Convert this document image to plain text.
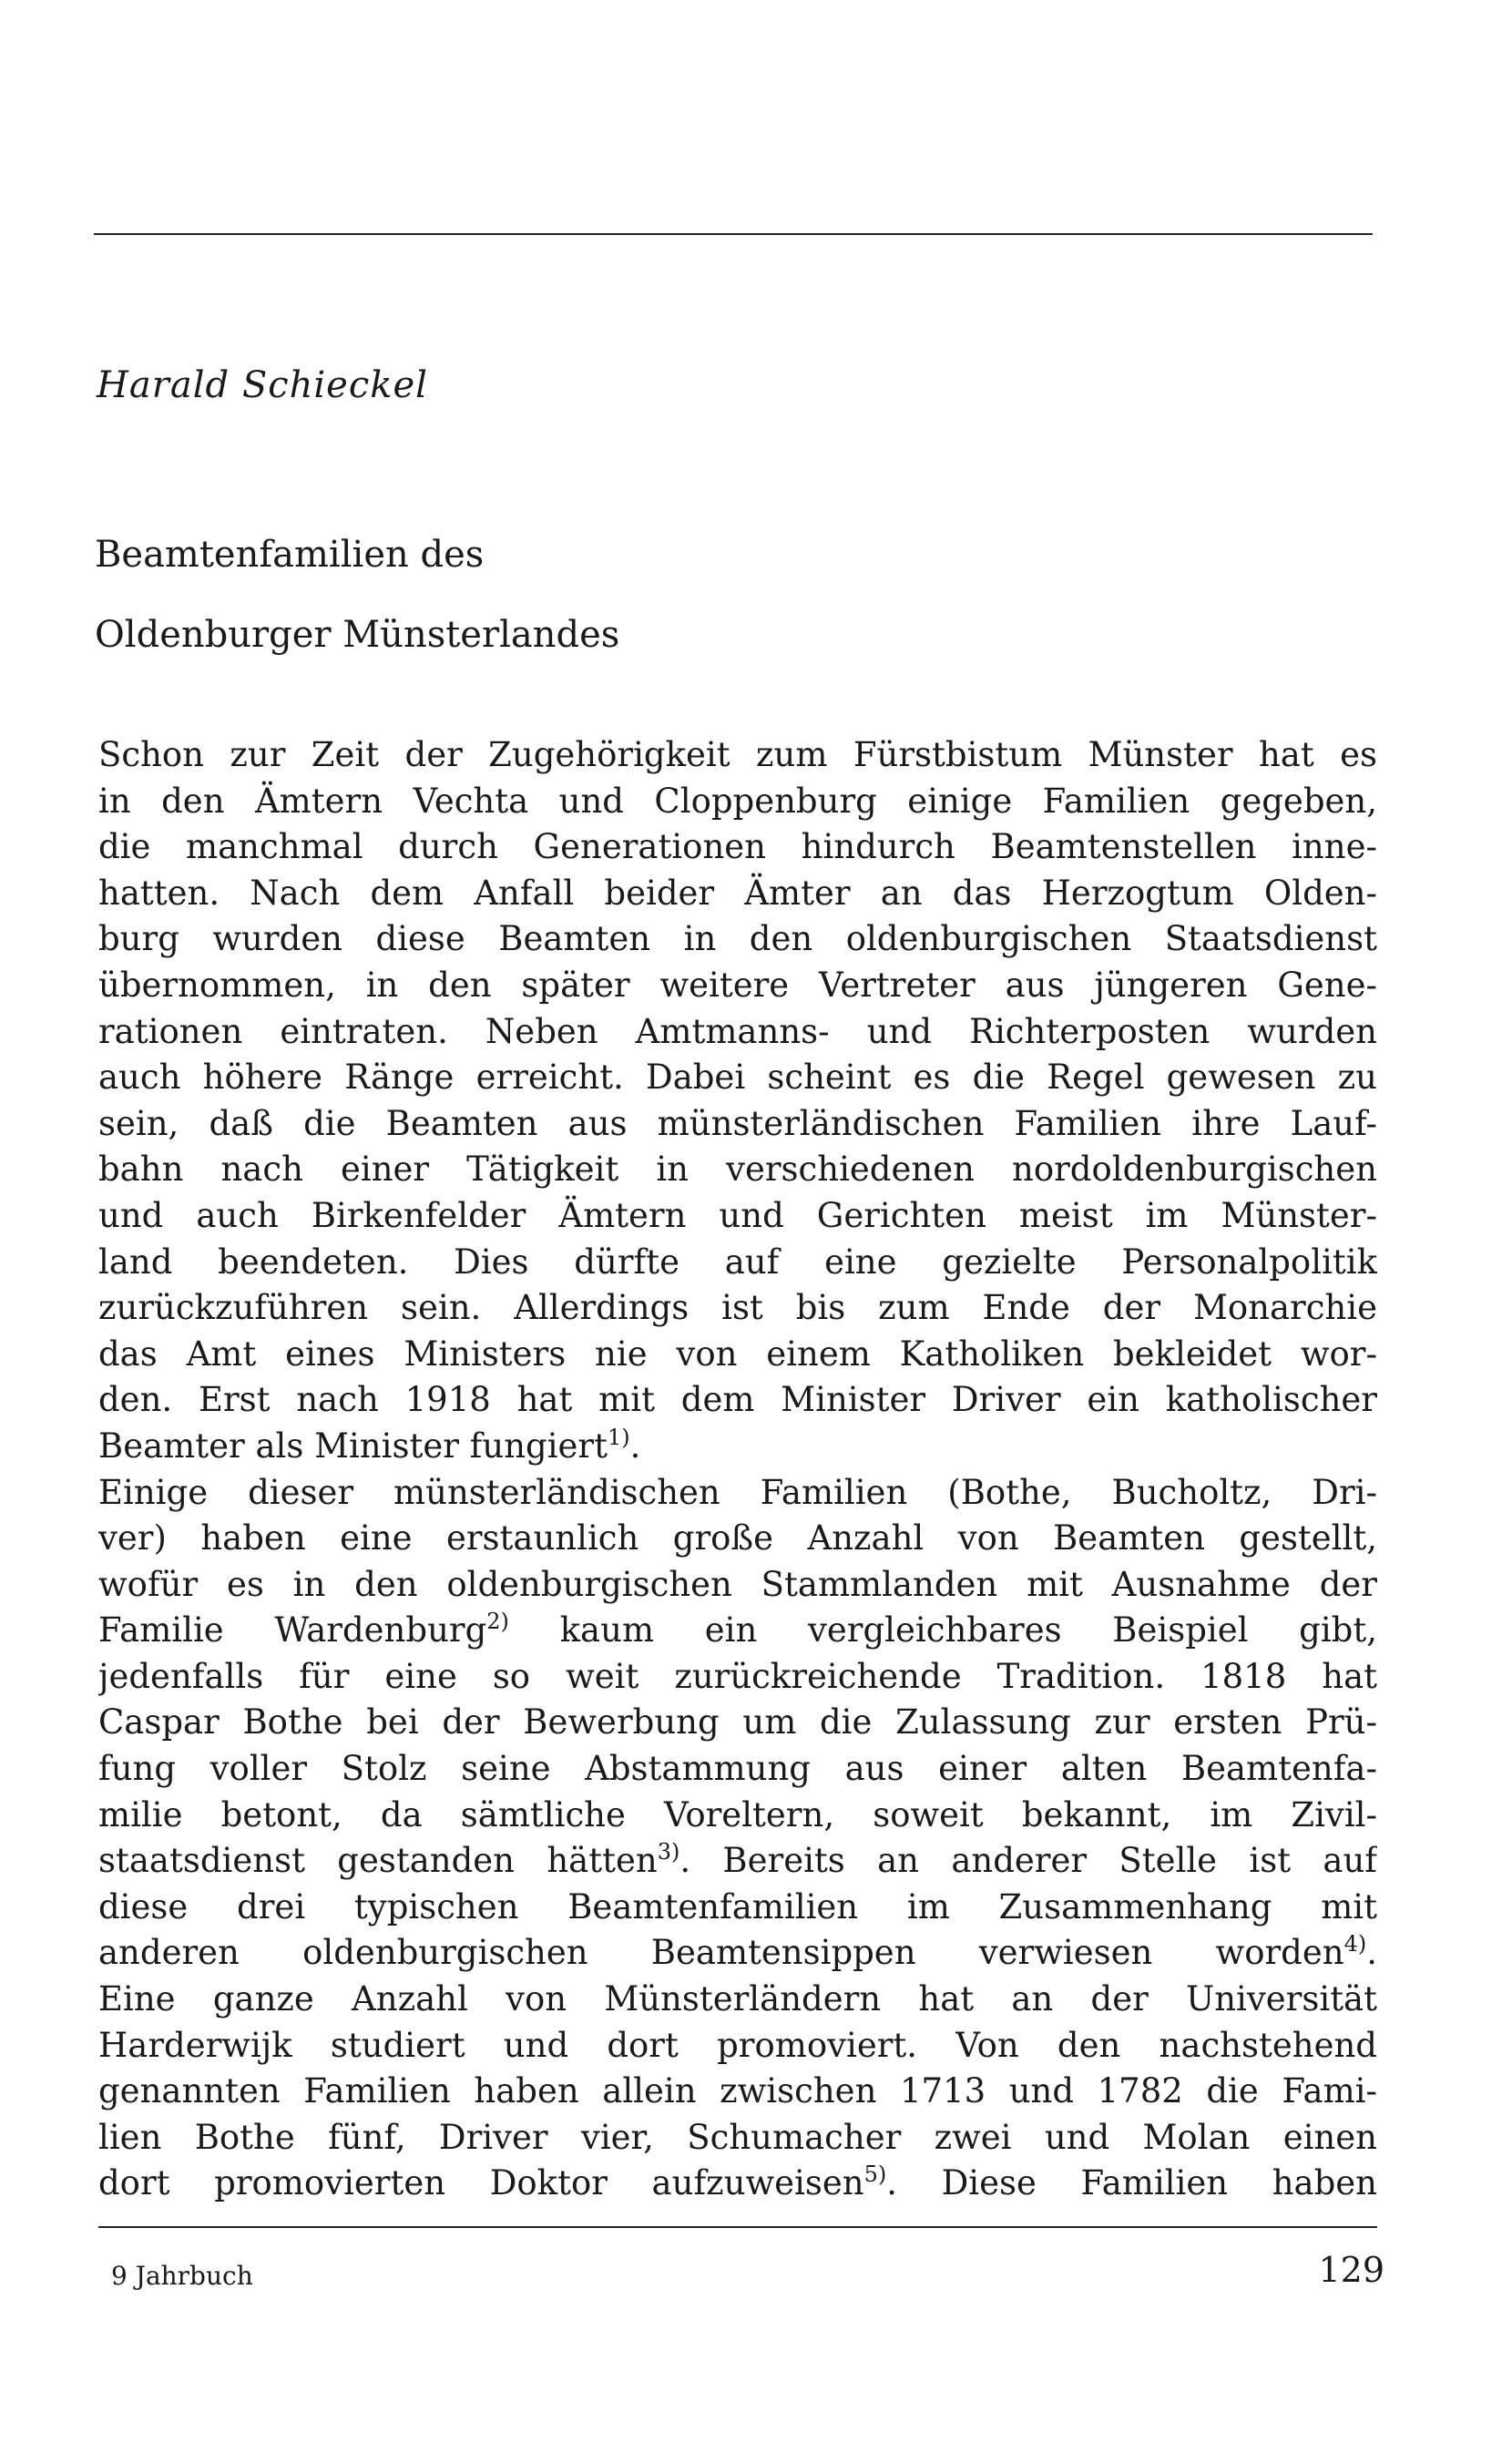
Harald Schieckel
Beamtenfamilien des
Oldenburger Münsterlandes
Schon zur Zeit der Zugehörigkeit zum Fürstbistum Münster hat es
in den Ämtern Vechta und Cloppenburg einige Familien gegeben,
die manchmal durch Generationen hindurch Beamtenstellen inne-
hatten. Nach dem Anfall beider Ämter an das Herzogtum Olden-
burg wurden diese Beamten in den oldenburgischen Staatsdienst
übernommen, in den später weitere Vertreter aus jüngeren Gene-
rationen eintraten. Neben Amtmanns- und Richterposten wurden
auch höhere Ränge erreicht. Dabei scheint es die Regel gewesen zu
sein, daß die Beamten aus münsterländischen Familien ihre Lauf-
bahn nach einer Tätigkeit in verschiedenen nordoldenburgischen
und auch Birkenfelder Ämtern und Gerichten meist im Münster-
land beendeten. Dies dürfte auf eine gezielte Personalpolitik
zurückzuführen sein. Allerdings ist bis zum Ende der Monarchie
das Amt eines Ministers nie von einem Katholiken bekleidet wor-
den. Erst nach 1918 hat mit dem Minister Driver ein katholischer
Beamter als Minister fungiert$^{1)}$.
Einige dieser münsterländischen Familien (Bothe, Bucholtz, Dri-
ver) haben eine erstaunlich große Anzahl von Beamten gestellt,
wofür es in den oldenburgischen Stammlanden mit Ausnahme der
Familie Wardenburg$^{2)}$ kaum ein vergleichbares Beispiel gibt,
jedenfalls für eine so weit zurückreichende Tradition. 1818 hat
Caspar Bothe bei der Bewerbung um die Zulassung zur ersten Prü-
fung voller Stolz seine Abstammung aus einer alten Beamtenfa-
milie betont, da sämtliche Voreltern, soweit bekannt, im Zivil-
staatsdienst gestanden hätten$^{3)}$. Bereits an anderer Stelle ist auf
diese drei typischen Beamtenfamilien im Zusammenhang mit
anderen oldenburgischen Beamtensippen verwiesen worden$^{4)}$.
Eine ganze Anzahl von Münsterländern hat an der Universität
Harderwijk studiert und dort promoviert. Von den nachstehend
genannten Familien haben allein zwischen 1713 und 1782 die Fami-
lien Bothe fünf, Driver vier, Schumacher zwei und Molan einen
dort promovierten Doktor aufzuweisen$^{5)}$. Diese Familien haben
9 Jahrbuch	129
